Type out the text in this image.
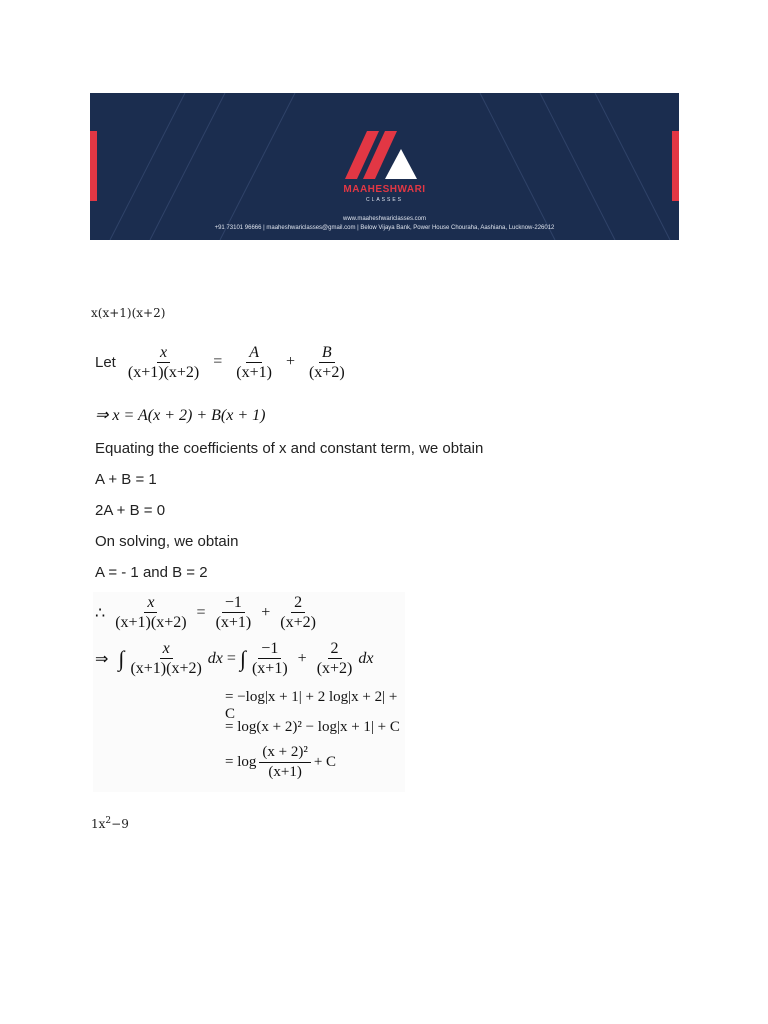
MAAHESHWARI
CLASSES
www.maaheshwariclasses.com
+91 73101 96666 | maaheshwariclasses@gmail.com | Below Vijaya Bank, Power House Chouraha, Aashiana, Lucknow-226012
x(x+1)(x+2)
Let $\frac{x}{(x+1)(x+2)} = \frac{A}{(x+1)} + \frac{B}{(x+2)}$
⇒ x = A(x + 2) + B(x + 1)
Equating the coefficients of x and constant term, we obtain
A + B = 1
2A + B = 0
On solving, we obtain
A = - 1 and B = 2
∴ $\frac{x}{(x+1)(x+2)} = \frac{-1}{(x+1)} + \frac{2}{(x+2)}$
⇒ ∫ $\frac{x}{(x+1)(x+2)}$ dx = ∫ $\frac{-1}{(x+1)} + \frac{2}{(x+2)}$ dx
= −log|x + 1| + 2 log|x + 2| + C
= log(x + 2)² − log|x + 1| + C
= $\log \frac{\text{(x + 2)²}}{(x+1)} + C$
$1x^2-9$
